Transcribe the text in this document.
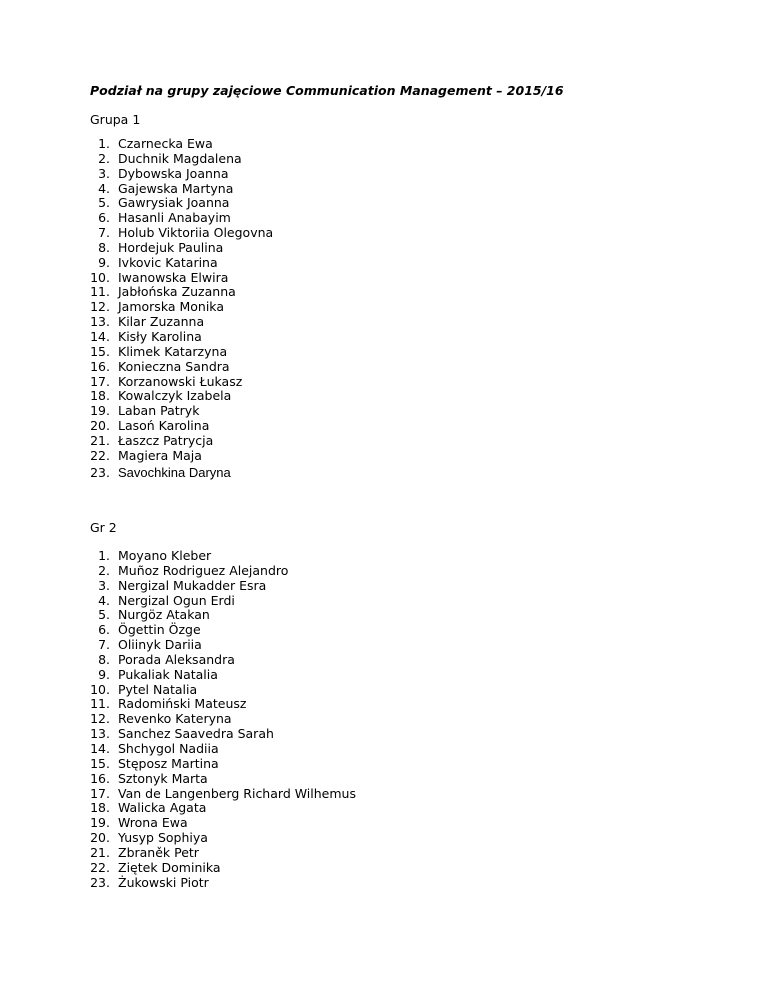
Podział na grupy zajęciowe Communication Management – 2015/16
Grupa 1
1. Czarnecka Ewa
2. Duchnik Magdalena
3. Dybowska Joanna
4. Gajewska Martyna
5. Gawrysiak Joanna
6. Hasanli Anabayim
7. Holub Viktoriia Olegovna
8. Hordejuk Paulina
9. Ivkovic Katarina
10. Iwanowska Elwira
11. Jabłońska Zuzanna
12. Jamorska Monika
13. Kilar Zuzanna
14. Kisły Karolina
15. Klimek Katarzyna
16. Konieczna Sandra
17. Korzanowski Łukasz
18. Kowalczyk Izabela
19. Laban Patryk
20. Lasoń Karolina
21. Łaszcz Patrycja
22. Magiera Maja
23. Savochkina Daryna
Gr 2
1. Moyano Kleber
2. Muñoz Rodriguez Alejandro
3. Nergizal Mukadder Esra
4. Nergizal Ogun Erdi
5. Nurgöz Atakan
6. Ögettin Özge
7. Oliinyk Dariia
8. Porada Aleksandra
9. Pukaliak Natalia
10. Pytel Natalia
11. Radomiński Mateusz
12. Revenko Kateryna
13. Sanchez Saavedra Sarah
14. Shchygol Nadiia
15. Stęposz Martina
16. Sztonyk Marta
17. Van de Langenberg Richard Wilhemus
18. Walicka Agata
19. Wrona Ewa
20. Yusyp Sophiya
21. Zbraněk Petr
22. Ziętek Dominika
23. Żukowski Piotr
